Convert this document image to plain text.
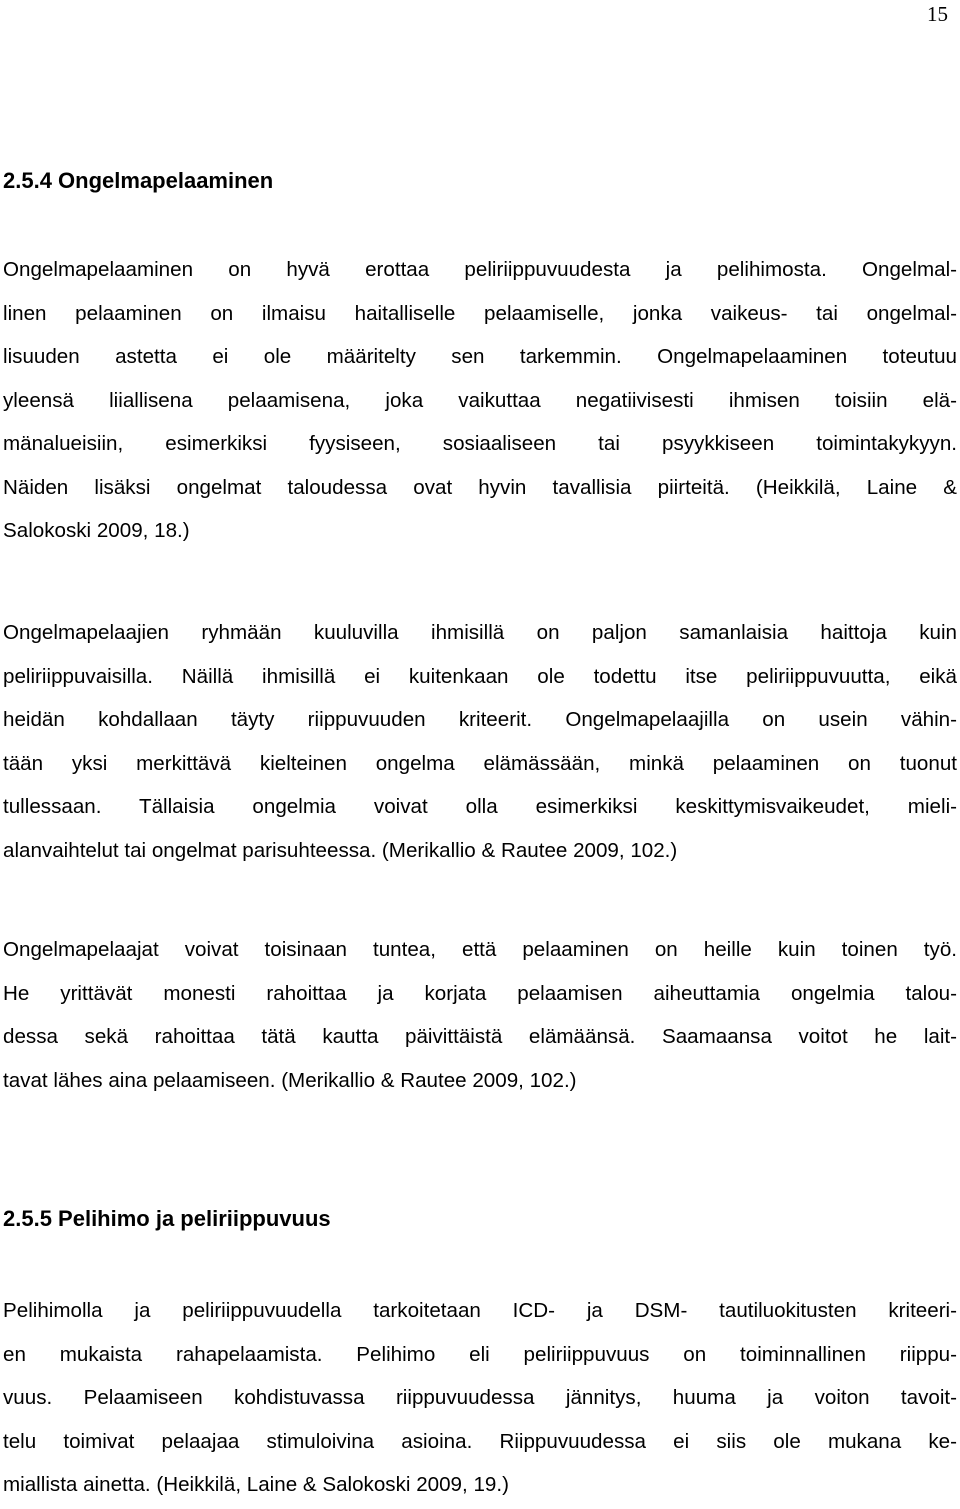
15
2.5.4 Ongelmapelaaminen
Ongelmapelaaminen on hyvä erottaa peliriippuvuudesta ja pelihimosta. Ongelmal-
linen pelaaminen on ilmaisu haitalliselle pelaamiselle, jonka vaikeus- tai ongelmal-
lisuuden astetta ei ole määritelty sen tarkemmin. Ongelmapelaaminen toteutuu
yleensä liiallisena pelaamisena, joka vaikuttaa negatiivisesti ihmisen toisiin elä-
mänalueisiin, esimerkiksi fyysiseen, sosiaaliseen tai psyykkiseen toimintakykyyn.
Näiden lisäksi ongelmat taloudessa ovat hyvin tavallisia piirteitä. (Heikkilä, Laine &
Salokoski 2009, 18.)
Ongelmapelaajien ryhmään kuuluvilla ihmisillä on paljon samanlaisia haittoja kuin
peliriippuvaisilla. Näillä ihmisillä ei kuitenkaan ole todettu itse peliriippuvuutta, eikä
heidän kohdallaan täyty riippuvuuden kriteerit. Ongelmapelaajilla on usein vähin-
tään yksi merkittävä kielteinen ongelma elämässään, minkä pelaaminen on tuonut
tullessaan. Tällaisia ongelmia voivat olla esimerkiksi keskittymisvaikeudet, mieli-
alanvaihtelut tai ongelmat parisuhteessa. (Merikallio & Rautee 2009, 102.)
Ongelmapelaajat voivat toisinaan tuntea, että pelaaminen on heille kuin toinen työ.
He yrittävät monesti rahoittaa ja korjata pelaamisen aiheuttamia ongelmia talou-
dessa sekä rahoittaa tätä kautta päivittäistä elämäänsä. Saamaansa voitot he lait-
tavat lähes aina pelaamiseen. (Merikallio & Rautee 2009, 102.)
2.5.5 Pelihimo ja peliriippuvuus
Pelihimolla ja peliriippuvuudella tarkoitetaan ICD- ja DSM- tautiluokitusten kriteeri-
en mukaista rahapelaamista. Pelihimo eli peliriippuvuus on toiminnallinen riippu-
vuus. Pelaamiseen kohdistuvassa riippuvuudessa jännitys, huuma ja voiton tavoit-
telu toimivat pelaajaa stimuloivina asioina. Riippuvuudessa ei siis ole mukana ke-
miallista ainetta. (Heikkilä, Laine & Salokoski 2009, 19.)
